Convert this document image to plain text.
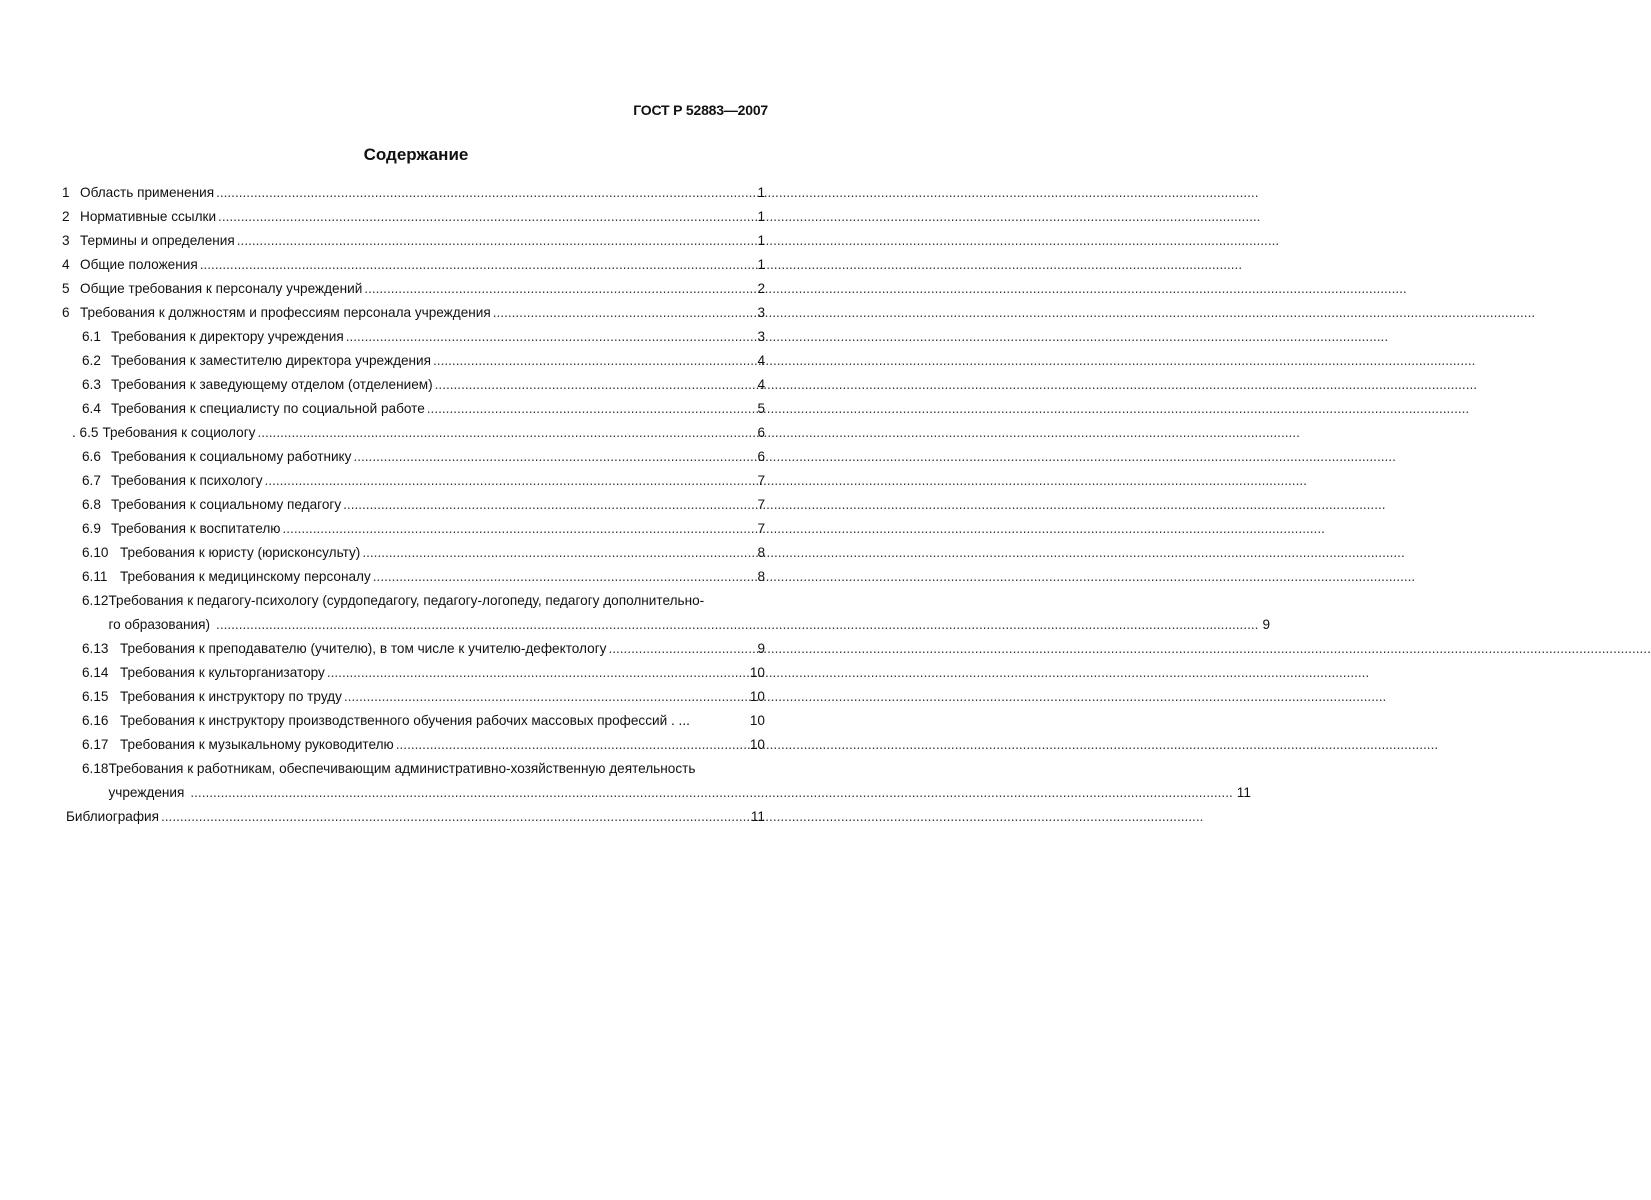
ГОСТ Р 52883—2007
Содержание
1 Область применения .....	1
2 Нормативные ссылки .....	1
3 Термины и определения .....	1
4 Общие положения .....	1
5 Общие требования к персоналу учреждений .....	2
6 Требования к должностям и профессиям персонала учреждения .....	3
6.1 Требования к директору учреждения .....	3
6.2 Требования к заместителю директора учреждения .....	4
6.3 Требования к заведующему отделом (отделением) .....	4
6.4 Требования к специалисту по социальной работе .....	5
. 6.5 Требования к социологу .....	6
6.6 Требования к социальному работнику .....	6
6.7 Требования к психологу .....	7
6.8 Требования к социальному педагогу .....	7
6.9 Требования к воспитателю .....	7
6.10 Требования к юристу (юрисконсульту) .....	8
6.11 Требования к медицинскому персоналу .....	8
6.12 Требования к педагогу-психологу (сурдопедагогу, педагогу-логопеду, педагогу дополнительно-
го образования) .....	9
6.13 Требования к преподавателю (учителю), в том числе к учителю-дефектологу .....	9
6.14 Требования к культорганизатору .....	10
6.15 Требования к инструктору по труду .....	10
6.16 Требования к инструктору производственного обучения рабочих массовых профессий . ...	10
6.17 Требования к музыкальному руководителю .....	10
6.18 Требования к работникам, обеспечивающим административно-хозяйственную деятельность
учреждения .....	11
Библиография .....	11
